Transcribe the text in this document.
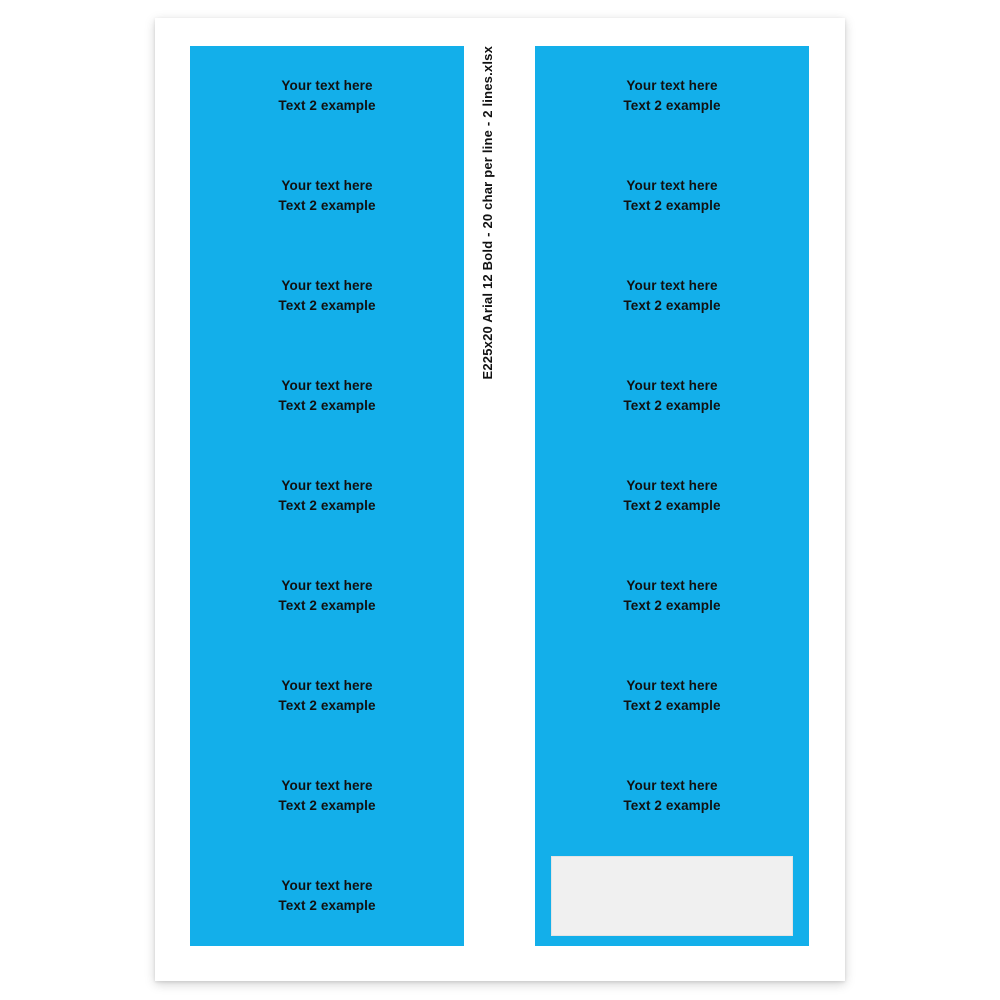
Your text here
Text 2 example
Your text here
Text 2 example
Your text here
Text 2 example
Your text here
Text 2 example
Your text here
Text 2 example
Your text here
Text 2 example
Your text here
Text 2 example
Your text here
Text 2 example
Your text here
Text 2 example
E225x20 Arial 12 Bold - 20 char per line - 2 lines.xlsx	Your text here
Text 2 example
Your text here
Text 2 example
Your text here
Text 2 example
Your text here
Text 2 example
Your text here
Text 2 example
Your text here
Text 2 example
Your text here
Text 2 example
Your text here
Text 2 example
